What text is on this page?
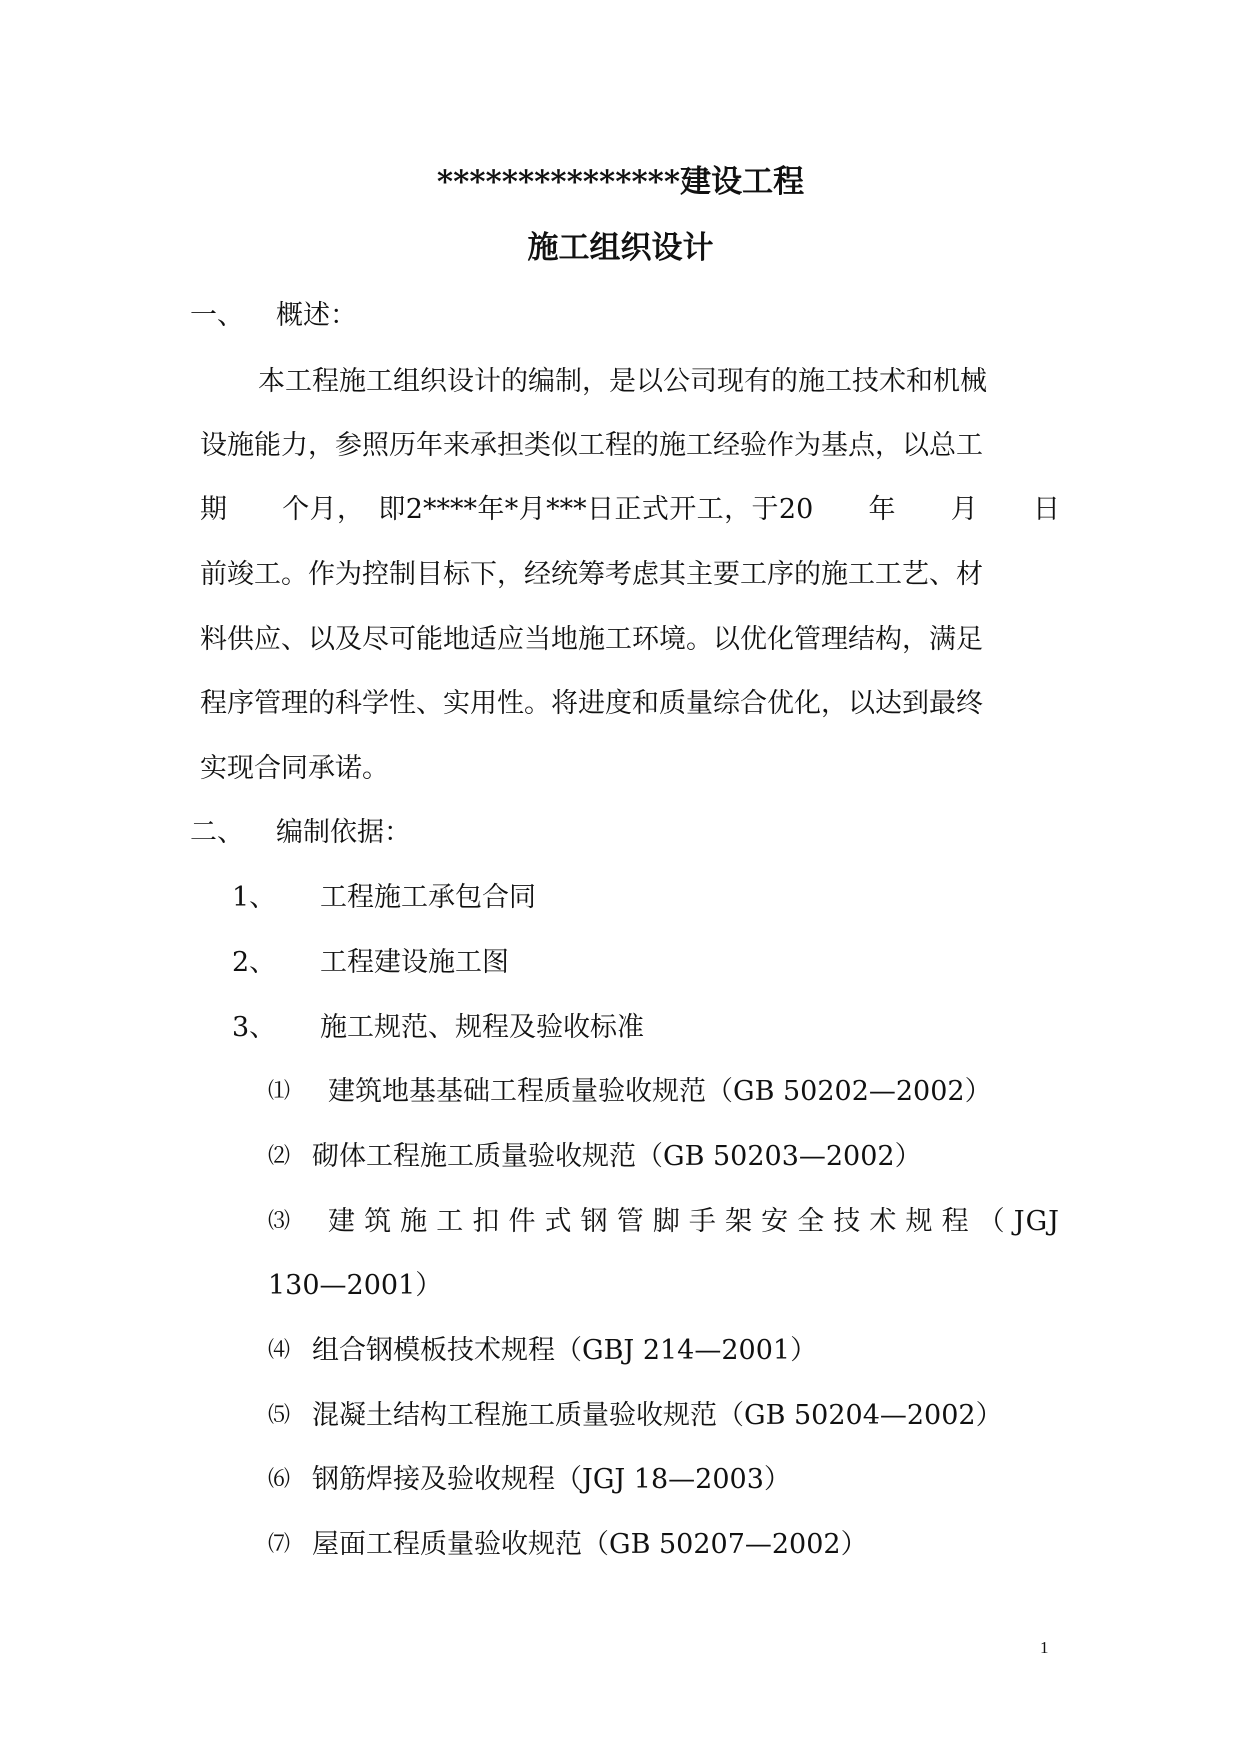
***************建设工程
施工组织设计
一、 概述：
本工程施工组织设计的编制，是以公司现有的施工技术和机械
设施能力，参照历年来承担类似工程的施工经验作为基点，以总工
期　　个月，　即2****年*月***日正式开工，于20　　年　　月　　日
前竣工。作为控制目标下，经统筹考虑其主要工序的施工工艺、材
料供应、以及尽可能地适应当地施工环境。以优化管理结构，满足
程序管理的科学性、实用性。将进度和质量综合优化，以达到最终
实现合同承诺。
二、 编制依据：
1、 工程施工承包合同
2、 工程建设施工图
3、 施工规范、规程及验收标准
⑴ 建筑地基基础工程质量验收规范（GB 50202—2002）
⑵ 砌体工程施工质量验收规范（GB 50203—2002）
⑶ 建筑施工扣件式钢管脚手架安全技术规程（JGJ
130—2001）
⑷ 组合钢模板技术规程（GBJ 214—2001）
⑸ 混凝土结构工程施工质量验收规范（GB 50204—2002）
⑹ 钢筋焊接及验收规程（JGJ 18—2003）
⑺ 屋面工程质量验收规范（GB 50207—2002）
1
